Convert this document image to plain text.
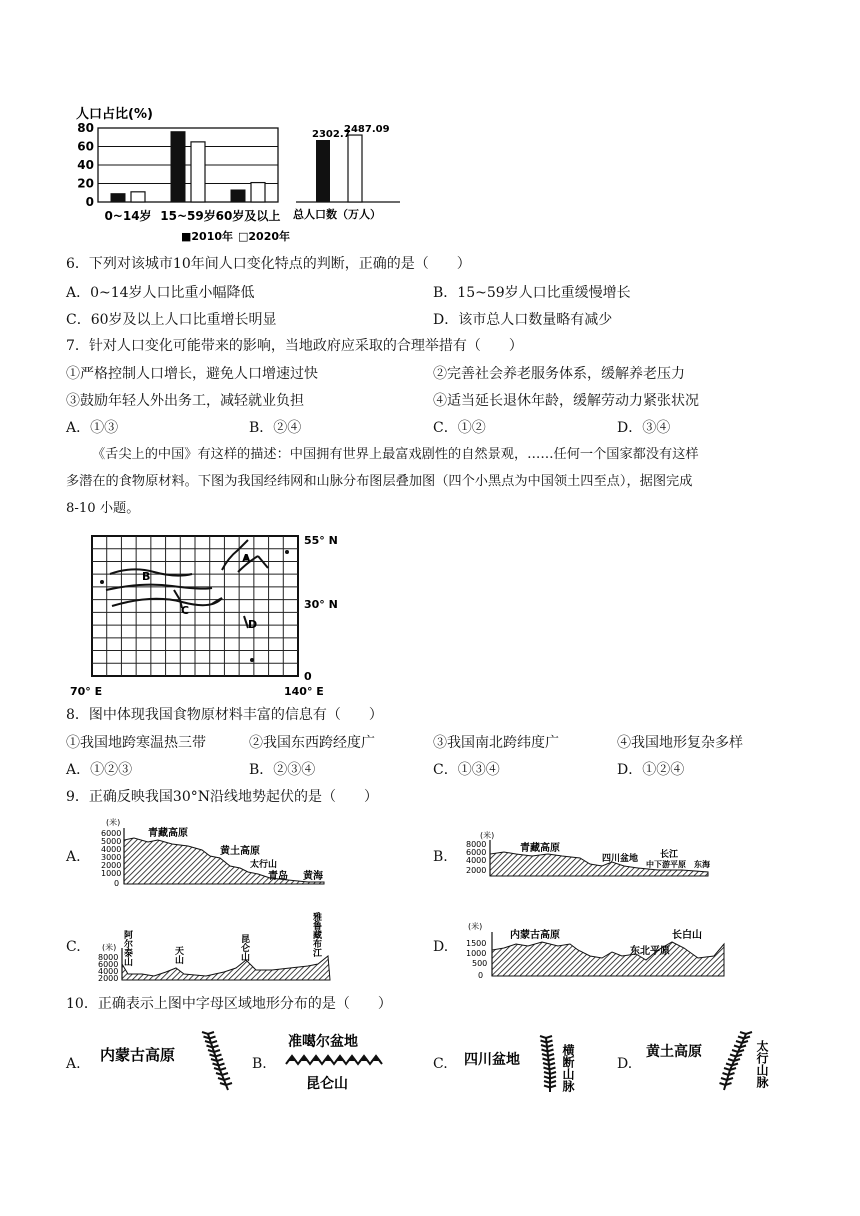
人口占比(%)
0
20
40
60
80
0~14岁 15~59岁 60岁及以上
2302.7
2487.09
总人口数（万人）
■2010年 □2020年
6．下列对该城市10年间人口变化特点的判断，正确的是（　　）
A．0~14岁人口比重小幅降低	B．15~59岁人口比重缓慢增长
C．60岁及以上人口比重增长明显	D．该市总人口数量略有减少
7．针对人口变化可能带来的影响，当地政府应采取的合理举措有（　　）
①严格控制人口增长，避免人口增速过快	②完善社会养老服务体系，缓解养老压力
③鼓励年轻人外出务工，减轻就业负担	④适当延长退休年龄，缓解劳动力紧张状况
A．①③	B．②④	C．①②	D．③④
《舌尖上的中国》有这样的描述：中国拥有世界上最富戏剧性的自然景观，……任何一个国家都没有这样
多潜在的食物原材料。下图为我国经纬网和山脉分布图层叠加图（四个小黑点为中国领土四至点），据图完成
8-10 小题。
A
B
C
D
55° N
30° N
0
70° E	140° E
8．图中体现我国食物原材料丰富的信息有（　　）
①我国地跨寒温热三带	②我国东西跨经度广	③我国南北跨纬度广	④我国地形复杂多样
A．①②③	B．②③④	C．①③④	D．①②④
9．正确反映我国30°N沿线地势起伏的是（　　）
A.
(米)
6000
5000
4000
3000
2000
1000
0
青藏高原
黄土高原
太行山
青岛 黄海
B.
(米)
8000
6000
4000
2000
青藏高原
四川盆地 长江
中下游平原 东海
C.	(米)
8000
6000
4000
2000
阿尔泰山	天山	昆仑山	雅鲁藏布江	D.
(米)
1500
1000
500
0
内蒙古高原
东北平原
长白山
10．正确表示上图中字母区域地形分布的是（　　）
A. 内蒙古高原	B.
准噶尔盆地
昆仑山
C. 四川盆地	横断山脉	D.
黄土高原	太行山脉
